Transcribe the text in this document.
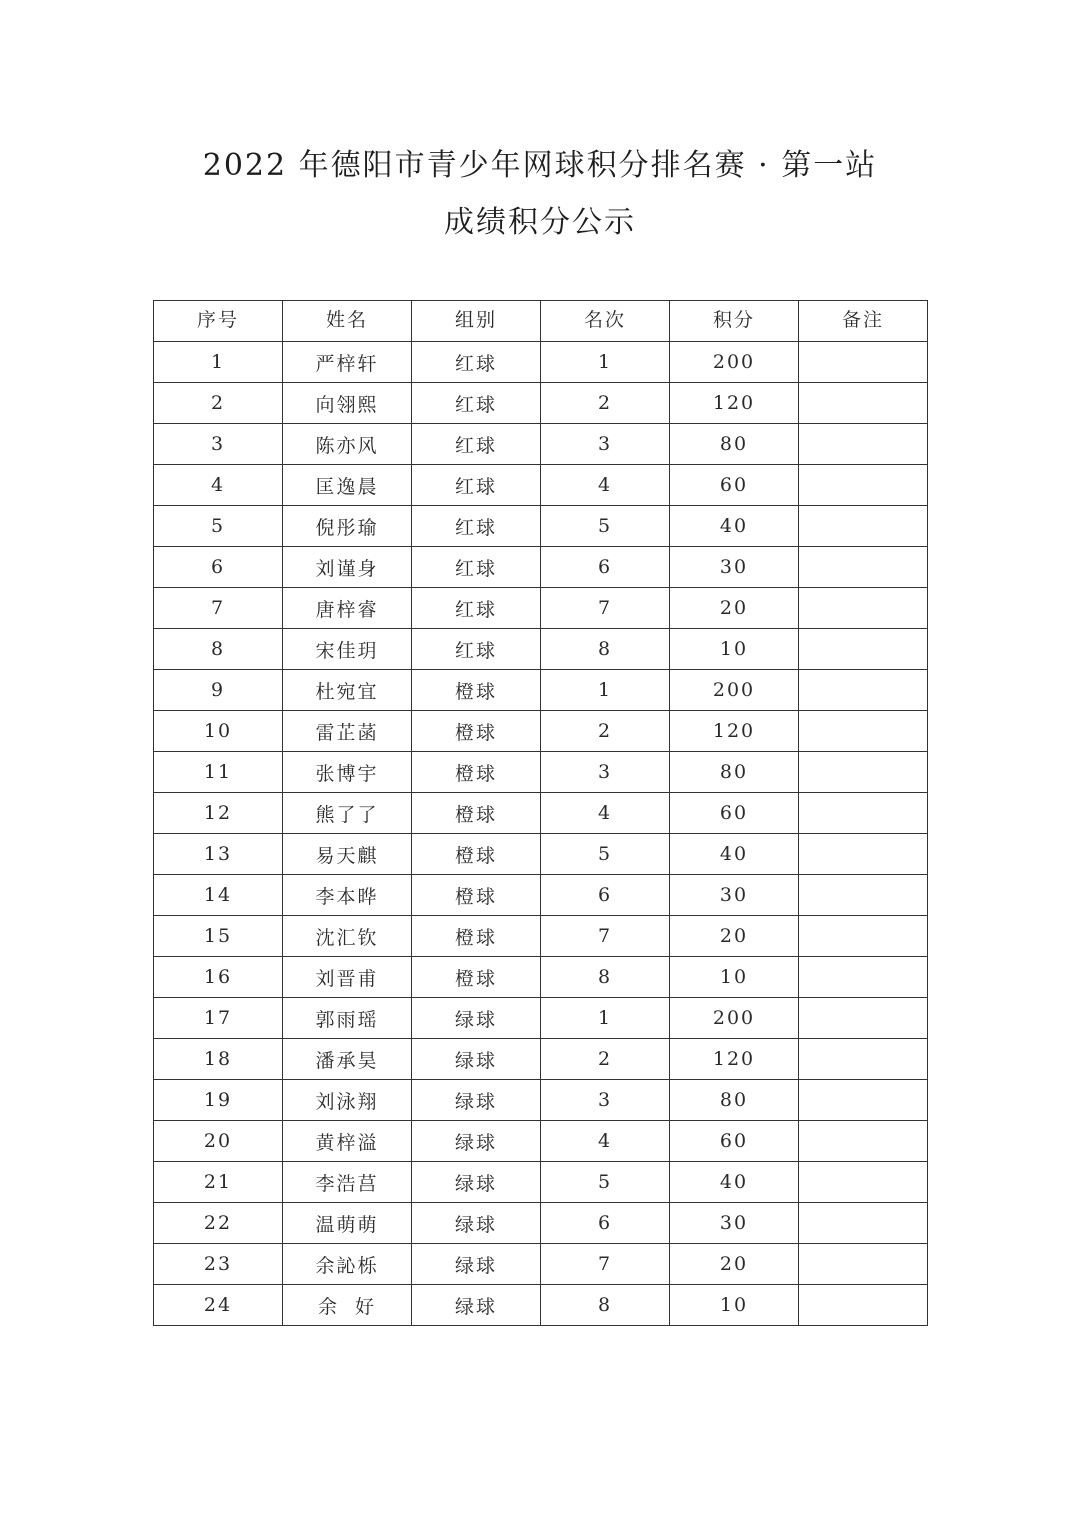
2022 年德阳市青少年网球积分排名赛 · 第一站
成绩积分公示
序号	姓名	组别	名次	积分	备注
1	严梓轩	红球	1	200	
2	向翎熙	红球	2	120	
3	陈亦风	红球	3	80	
4	匡逸晨	红球	4	60	
5	倪彤瑜	红球	5	40	
6	刘谨身	红球	6	30	
7	唐梓睿	红球	7	20	
8	宋佳玥	红球	8	10	
9	杜宛宜	橙球	1	200	
10	雷芷菡	橙球	2	120	
11	张博宇	橙球	3	80	
12	熊了了	橙球	4	60	
13	易天麒	橙球	5	40	
14	李本晔	橙球	6	30	
15	沈汇钦	橙球	7	20	
16	刘晋甫	橙球	8	10	
17	郭雨瑶	绿球	1	200	
18	潘承昊	绿球	2	120	
19	刘泳翔	绿球	3	80	
20	黄梓溢	绿球	4	60	
21	李浩莒	绿球	5	40	
22	温萌萌	绿球	6	30	
23	余訫栎	绿球	7	20	
24	余  好	绿球	8	10	
